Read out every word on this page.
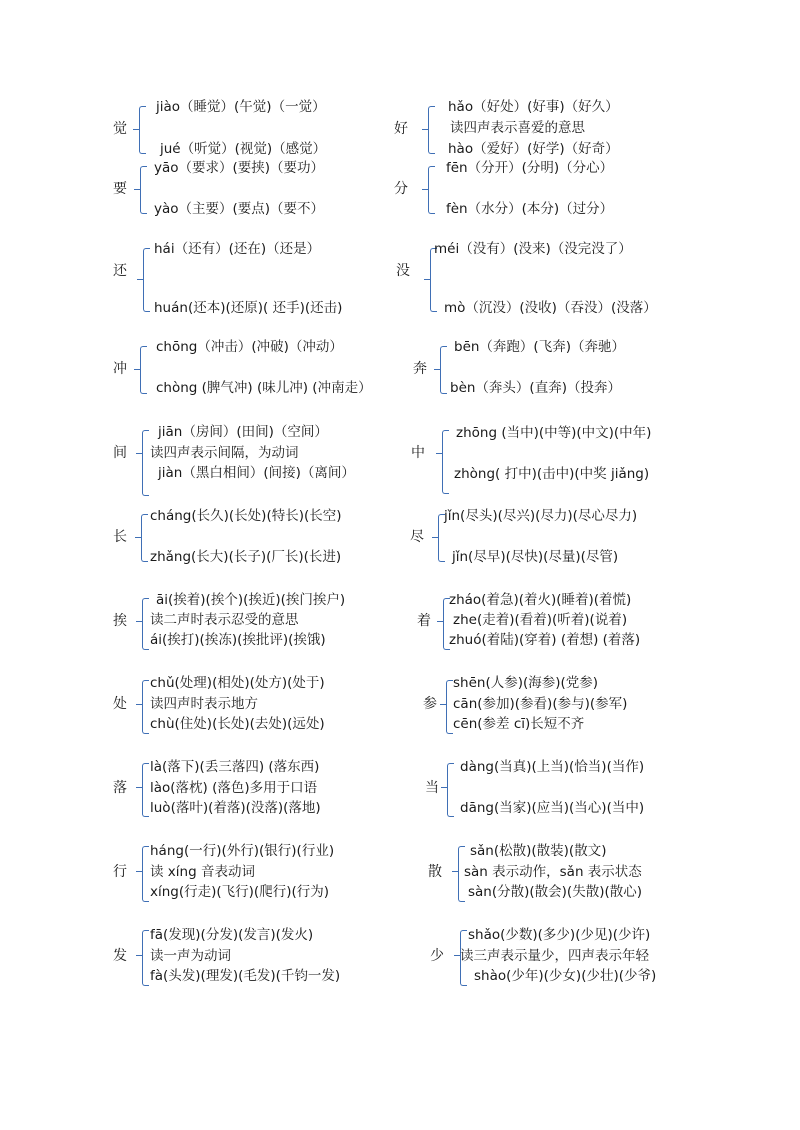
觉
jiào（睡觉）(午觉)（一觉）
jué（听觉）(视觉)（感觉）
好
hǎo（好处）(好事)（好久）
读四声表示喜爱的意思
hào（爱好）(好学)（好奇）
要
yāo（要求）(要挟)（要功）
yào（主要）(要点)（要不）
分
fēn（分开）(分明)（分心）
fèn（水分）(本分)（过分）
还
hái（还有）(还在)（还是）
huán(还本)(还原)( 还手)(还击)
没
méi（没有）(没来)（没完没了）
mò（沉没）(没收)（吞没）(没落）
冲
chōng（冲击）(冲破)（冲动）
chòng (脾气冲) (味儿冲) (冲南走）
奔
bēn（奔跑）(飞奔)（奔驰）
bèn（奔头）(直奔)（投奔）
间
jiān（房间）(田间)（空间）
读四声表示间隔，为动词
jiàn（黑白相间）(间接)（离间）
中
zhōng (当中)(中等)(中文)(中年)
zhòng( 打中)(击中)(中奖 jiǎng)
长
cháng(长久)(长处)(特长)(长空)
zhǎng(长大)(长子)(厂长)(长进)
尽
jǐn(尽头)(尽兴)(尽力)(尽心尽力)
jǐn(尽早)(尽快)(尽量)(尽管)
挨
āi(挨着)(挨个)(挨近)(挨门挨户)
读二声时表示忍受的意思
ái(挨打)(挨冻)(挨批评)(挨饿)
着
zháo(着急)(着火)(睡着)(着慌)
zhe(走着)(看着)(听着)(说着)
zhuó(着陆)(穿着) (着想) (着落)
处
chǔ(处理)(相处)(处方)(处于)
读四声时表示地方
chù(住处)(长处)(去处)(远处)
参
shēn(人参)(海参)(党参)
cān(参加)(参看)(参与)(参军)
cēn(参差 cī)长短不齐
落
là(落下)(丢三落四) (落东西)
lào(落枕) (落色)多用于口语
luò(落叶)(着落)(没落)(落地)
当
dàng(当真)(上当)(恰当)(当作)
dāng(当家)(应当)(当心)(当中)
行
háng(一行)(外行)(银行)(行业)
读 xíng 音表动词
xíng(行走)(飞行)(爬行)(行为)
散
sǎn(松散)(散装)(散文)
sàn 表示动作，sǎn 表示状态
sàn(分散)(散会)(失散)(散心)
发
fā(发现)(分发)(发言)(发火)
读一声为动词
fà(头发)(理发)(毛发)(千钧一发)
少
shǎo(少数)(多少)(少见)(少许)
读三声表示量少，四声表示年轻
shào(少年)(少女)(少壮)(少爷)
